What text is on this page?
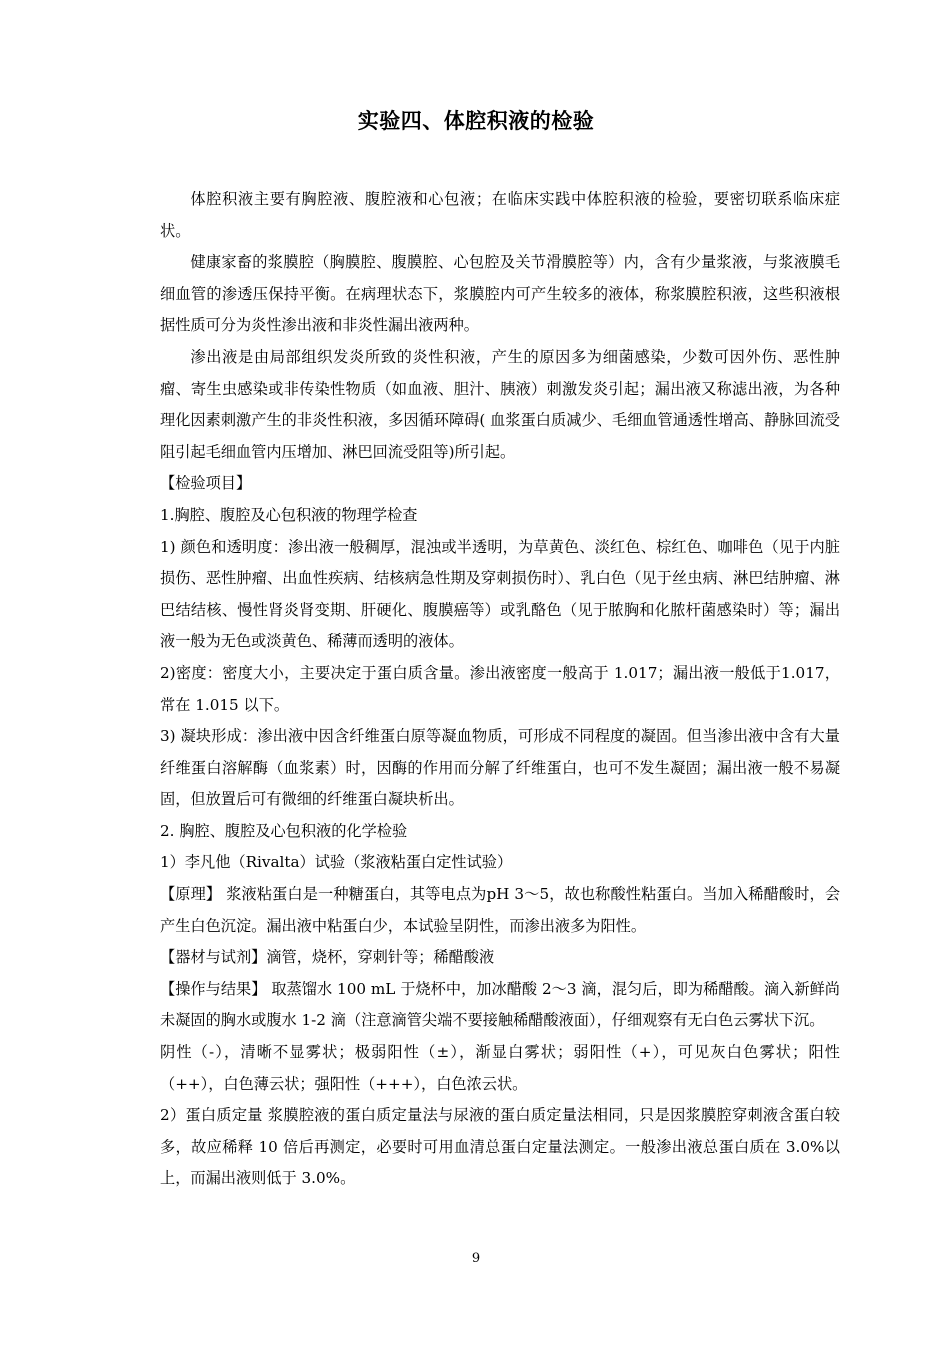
实验四、体腔积液的检验

体腔积液主要有胸腔液、腹腔液和心包液；在临床实践中体腔积液的检验，要密切联系临床症状。

健康家畜的浆膜腔（胸膜腔、腹膜腔、心包腔及关节滑膜腔等）内，含有少量浆液，与浆液膜毛细血管的渗透压保持平衡。在病理状态下，浆膜腔内可产生较多的液体，称浆膜腔积液，这些积液根据性质可分为炎性渗出液和非炎性漏出液两种。

渗出液是由局部组织发炎所致的炎性积液，产生的原因多为细菌感染，少数可因外伤、恶性肿瘤、寄生虫感染或非传染性物质（如血液、胆汁、胰液）刺激发炎引起；漏出液又称滤出液，为各种理化因素刺激产生的非炎性积液，多因循环障碍( 血浆蛋白质减少、毛细血管通透性增高、静脉回流受阻引起毛细血管内压增加、淋巴回流受阻等)所引起。

【检验项目】

1.胸腔、腹腔及心包积液的物理学检查

1) 颜色和透明度：渗出液一般稠厚，混浊或半透明，为草黄色、淡红色、棕红色、咖啡色（见于内脏损伤、恶性肿瘤、出血性疾病、结核病急性期及穿刺损伤时）、乳白色（见于丝虫病、淋巴结肿瘤、淋巴结结核、慢性肾炎肾变期、肝硬化、腹膜癌等）或乳酪色（见于脓胸和化脓杆菌感染时）等；漏出液一般为无色或淡黄色、稀薄而透明的液体。

2)密度：密度大小，主要决定于蛋白质含量。渗出液密度一般高于 1.017；漏出液一般低于1.017，常在 1.015 以下。

3) 凝块形成：渗出液中因含纤维蛋白原等凝血物质，可形成不同程度的凝固。但当渗出液中含有大量纤维蛋白溶解酶（血浆素）时，因酶的作用而分解了纤维蛋白，也可不发生凝固；漏出液一般不易凝固，但放置后可有微细的纤维蛋白凝块析出。

2. 胸腔、腹腔及心包积液的化学检验

1）李凡他（Rivalta）试验（浆液粘蛋白定性试验）

【原理】 浆液粘蛋白是一种糖蛋白，其等电点为pH 3～5，故也称酸性粘蛋白。当加入稀醋酸时，会产生白色沉淀。漏出液中粘蛋白少，本试验呈阴性，而渗出液多为阳性。

【器材与试剂】滴管，烧杯，穿刺针等；稀醋酸液

【操作与结果】 取蒸馏水 100 mL 于烧杯中，加冰醋酸 2～3 滴，混匀后，即为稀醋酸。滴入新鲜尚未凝固的胸水或腹水 1-2 滴（注意滴管尖端不要接触稀醋酸液面），仔细观察有无白色云雾状下沉。

阴性（-），清晰不显雾状；极弱阳性（±），渐显白雾状；弱阳性（+），可见灰白色雾状；阳性（++），白色薄云状；强阳性（+++），白色浓云状。

2）蛋白质定量 浆膜腔液的蛋白质定量法与尿液的蛋白质定量法相同，只是因浆膜腔穿刺液含蛋白较多，故应稀释 10 倍后再测定，必要时可用血清总蛋白定量法测定。一般渗出液总蛋白质在 3.0%以上，而漏出液则低于 3.0%。

9
